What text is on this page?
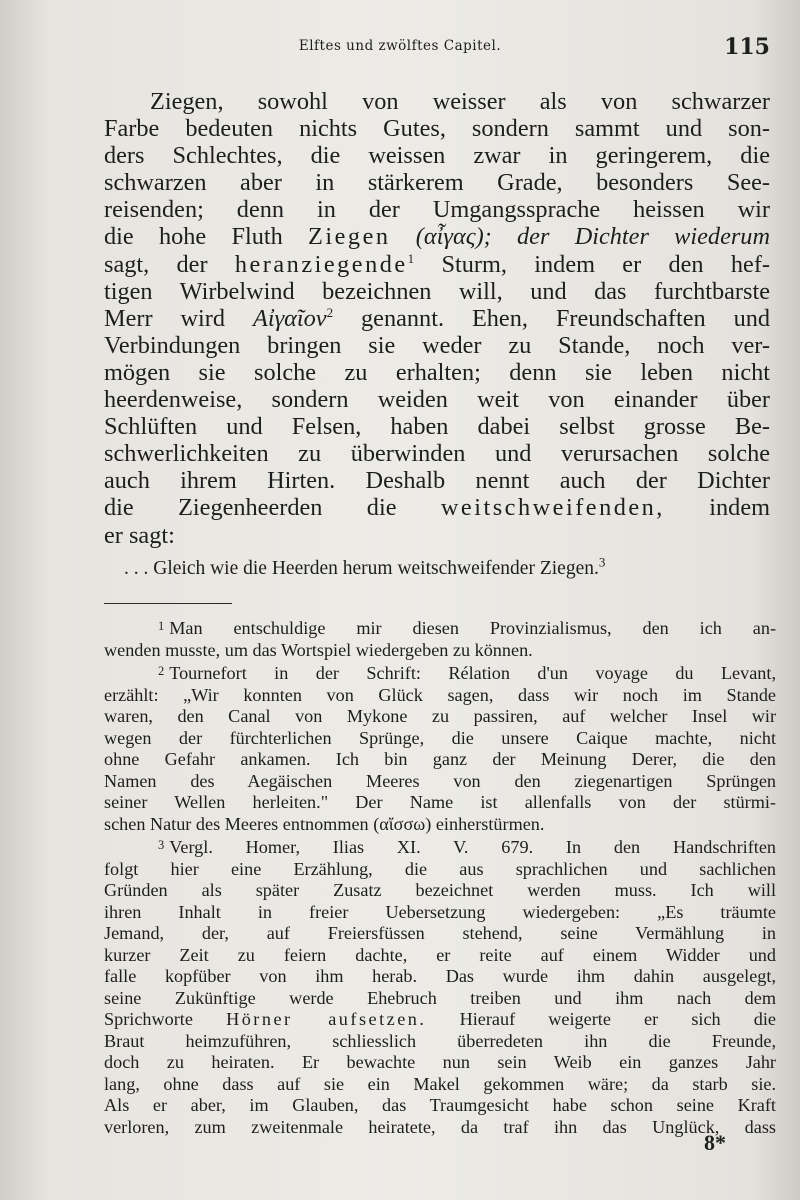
Elftes und zwölftes Capitel.	115
Ziegen, sowohl von weisser als von schwarzer
Farbe bedeuten nichts Gutes, sondern sammt und son-
ders Schlechtes, die weissen zwar in geringerem, die
schwarzen aber in stärkerem Grade, besonders See-
reisenden; denn in der Umgangssprache heissen wir
die hohe Fluth Ziegen (αἶγας); der Dichter wiederum
sagt, der heranziegende$^1$ Sturm, indem er den hef-
tigen Wirbelwind bezeichnen will, und das furchtbarste
Merr wird Αἰγαῖον$^2$ genannt. Ehen, Freundschaften und
Verbindungen bringen sie weder zu Stande, noch ver-
mögen sie solche zu erhalten; denn sie leben nicht
heerdenweise, sondern weiden weit von einander über
Schlüften und Felsen, haben dabei selbst grosse Be-
schwerlichkeiten zu überwinden und verursachen solche
auch ihrem Hirten. Deshalb nennt auch der Dichter
die Ziegenheerden die weitschweifenden, indem
er sagt:
. . . Gleich wie die Heerden herum weitschweifender Ziegen.$^3$
$^1$ Man entschuldige mir diesen Provinzialismus, den ich an-
wenden musste, um das Wortspiel wiedergeben zu können.
$^2$ Tournefort in der Schrift: Rélation d'un voyage du Levant,
erzählt: „Wir konnten von Glück sagen, dass wir noch im Stande
waren, den Canal von Mykone zu passiren, auf welcher Insel wir
wegen der fürchterlichen Sprünge, die unsere Caique machte, nicht
ohne Gefahr ankamen. Ich bin ganz der Meinung Derer, die den
Namen des Aegäischen Meeres von den ziegenartigen Sprüngen
seiner Wellen herleiten." Der Name ist allenfalls von der stürmi-
schen Natur des Meeres entnommen (αἴσσω) einherstürmen.
$^3$ Vergl. Homer, Ilias XI. V. 679. In den Handschriften
folgt hier eine Erzählung, die aus sprachlichen und sachlichen
Gründen als später Zusatz bezeichnet werden muss. Ich will
ihren Inhalt in freier Uebersetzung wiedergeben: „Es träumte
Jemand, der, auf Freiersfüssen stehend, seine Vermählung in
kurzer Zeit zu feiern dachte, er reite auf einem Widder und
falle kopfüber von ihm herab. Das wurde ihm dahin ausgelegt,
seine Zukünftige werde Ehebruch treiben und ihm nach dem
Sprichworte Hörner aufsetzen. Hierauf weigerte er sich die
Braut heimzuführen, schliesslich überredeten ihn die Freunde,
doch zu heiraten. Er bewachte nun sein Weib ein ganzes Jahr
lang, ohne dass auf sie ein Makel gekommen wäre; da starb sie.
Als er aber, im Glauben, das Traumgesicht habe schon seine Kraft
verloren, zum zweitenmale heiratete, da traf ihn das Unglück, dass
8*
